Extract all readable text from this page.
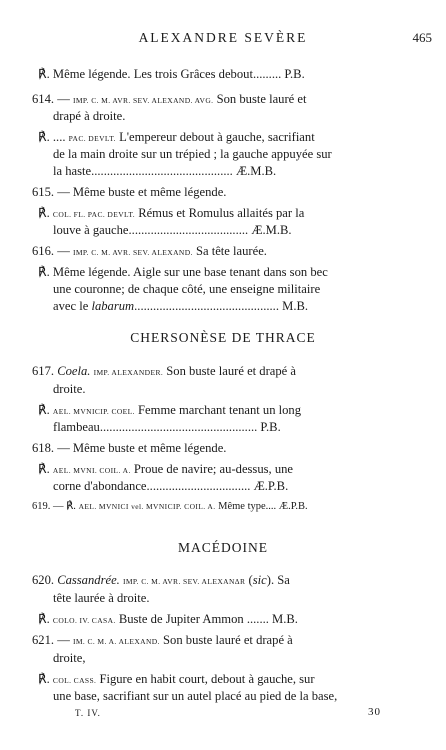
ALEXANDRE SEVÈRE	465
℟. Même légende. Les trois Grâces debout......... P.B.
614. — IMP. C. M. AVR. SEV. ALEXAND. AVG. Son buste lauré et
drapé à droite.
℟. .... PAC. DEVLT. L'empereur debout à gauche, sacrifiant
de la main droite sur un trépied ; la gauche appuyée sur
la haste............................................. Æ.M.B.
615. — Même buste et même légende.
℟. COL. FL. PAC. DEVLT. Rémus et Romulus allaités par la
louve à gauche...................................... Æ.M.B.
616. — IMP. C. M. AVR. SEV. ALEXAND. Sa tête laurée.
℟. Même légende. Aigle sur une base tenant dans son bec
une couronne; de chaque côté, une enseigne militaire
avec le labarum.............................................. M.B.
CHERSONÈSE DE THRACE
617. Coela. IMP. ALEXANDER. Son buste lauré et drapé à
droite.
℟. AEL. MVNICIP. COEL. Femme marchant tenant un long
flambeau.................................................. P.B.
618. — Même buste et même légende.
℟. AEL. MVNI. COIL. A. Proue de navire; au-dessus, une
corne d'abondance................................. Æ.P.B.
619. — ℟. AEL. MVNICI vel. MVNICIP. COIL. A. Même type.... Æ.P.B.
MACÉDOINE
620. Cassandrée. IMP. C. M. AVR. SEV. ALEXANΔR (sic). Sa
tête laurée à droite.
℟. COLO. IV. CASA. Buste de Jupiter Ammon ....... M.B.
621. — IM. C. M. A. ALEXAND. Son buste lauré et drapé à
droite,
℟. COL. CASS. Figure en habit court, debout à gauche, sur
une base, sacrifiant sur un autel placé au pied de la base,
T. IV.	30
